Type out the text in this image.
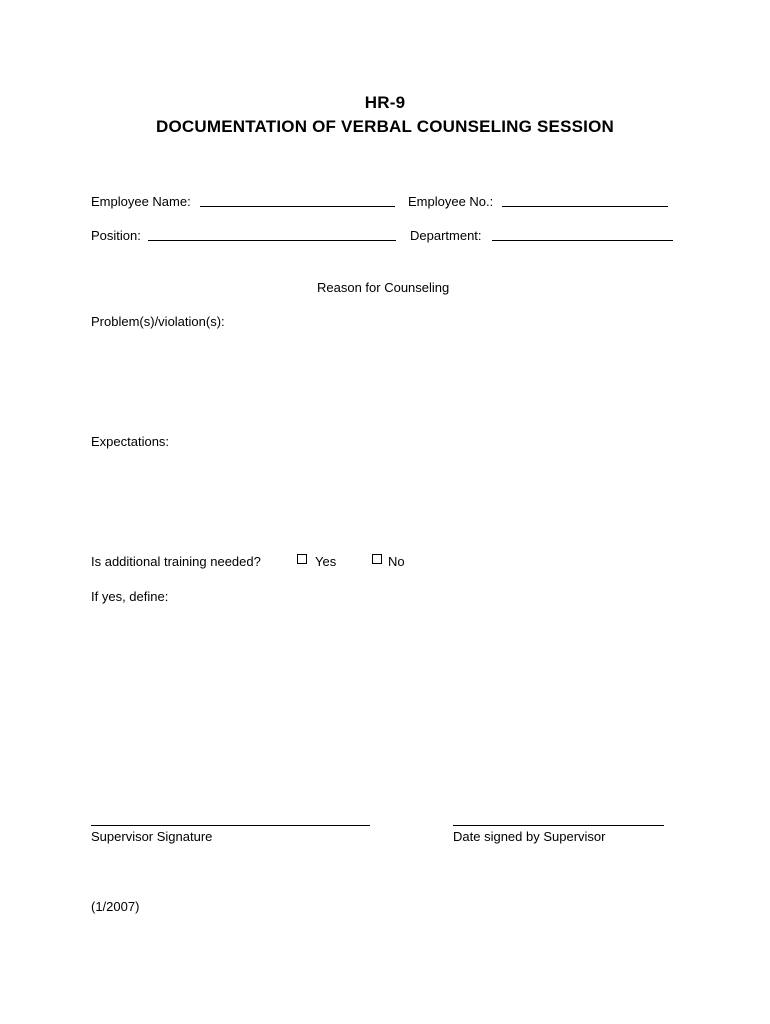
HR-9
DOCUMENTATION OF VERBAL COUNSELING SESSION
Employee Name:	Employee No.:
Position:	Department:
Reason for Counseling
Problem(s)/violation(s):
Expectations:
Is additional training needed?	Yes	No
If yes, define:
Supervisor Signature	Date signed by Supervisor
(1/2007)
